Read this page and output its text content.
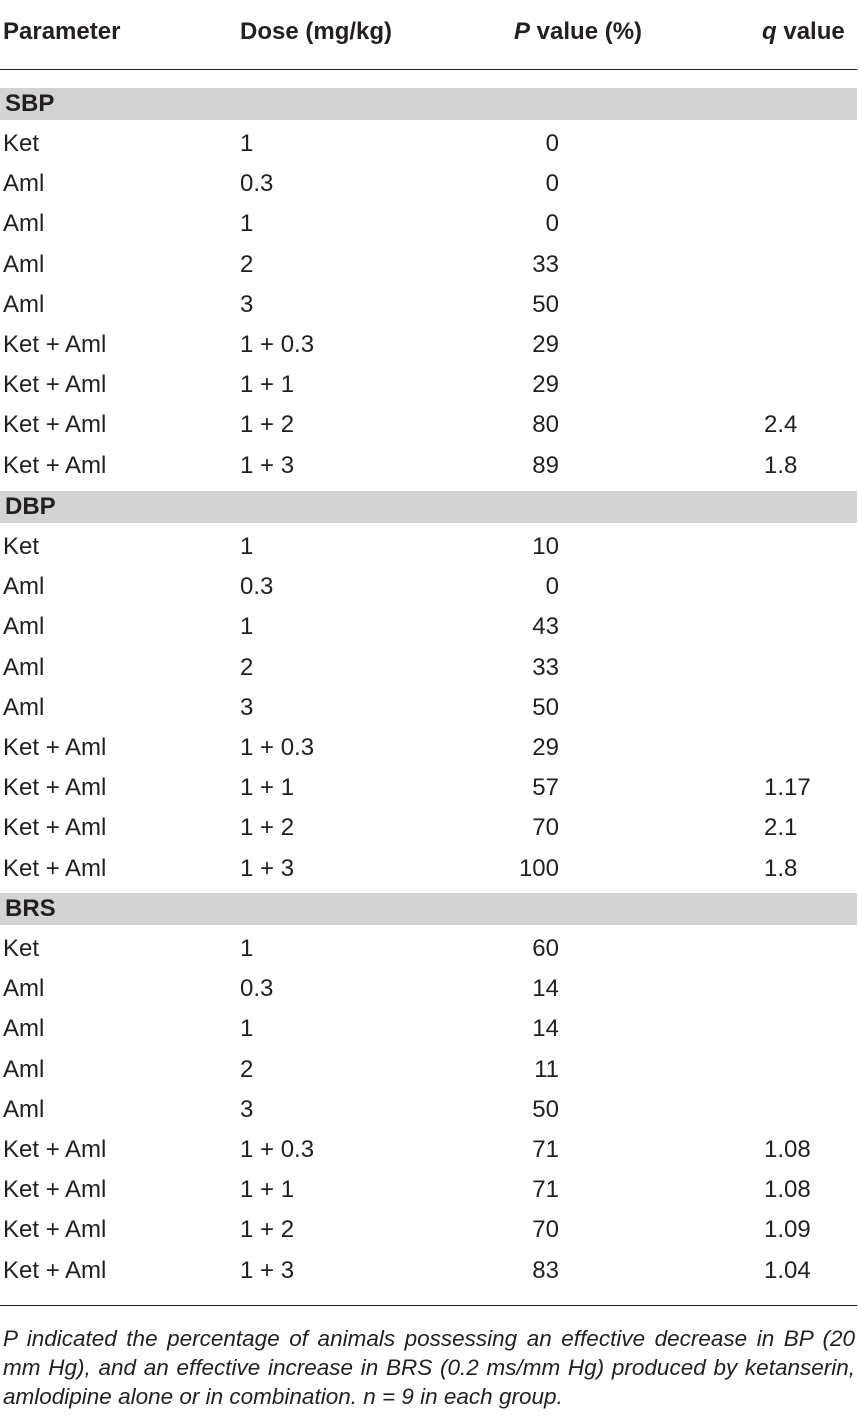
Parameter	Dose (mg/kg)	P value (%)	q value
SBP
Ket	1	0
Aml	0.3	0
Aml	1	0
Aml	2	33
Aml	3	50
Ket + Aml	1 + 0.3	29
Ket + Aml	1 + 1	29
Ket + Aml	1 + 2	80	2.4
Ket + Aml	1 + 3	89	1.8
DBP
Ket	1	10
Aml	0.3	0
Aml	1	43
Aml	2	33
Aml	3	50
Ket + Aml	1 + 0.3	29
Ket + Aml	1 + 1	57	1.17
Ket + Aml	1 + 2	70	2.1
Ket + Aml	1 + 3	100	1.8
BRS
Ket	1	60
Aml	0.3	14
Aml	1	14
Aml	2	11
Aml	3	50
Ket + Aml	1 + 0.3	71	1.08
Ket + Aml	1 + 1	71	1.08
Ket + Aml	1 + 2	70	1.09
Ket + Aml	1 + 3	83	1.04
P indicated the percentage of animals possessing an effective decrease in BP (20 mm Hg), and an effective increase in BRS (0.2 ms/mm Hg) produced by ketanserin, amlodipine alone or in combination. n = 9 in each group.
